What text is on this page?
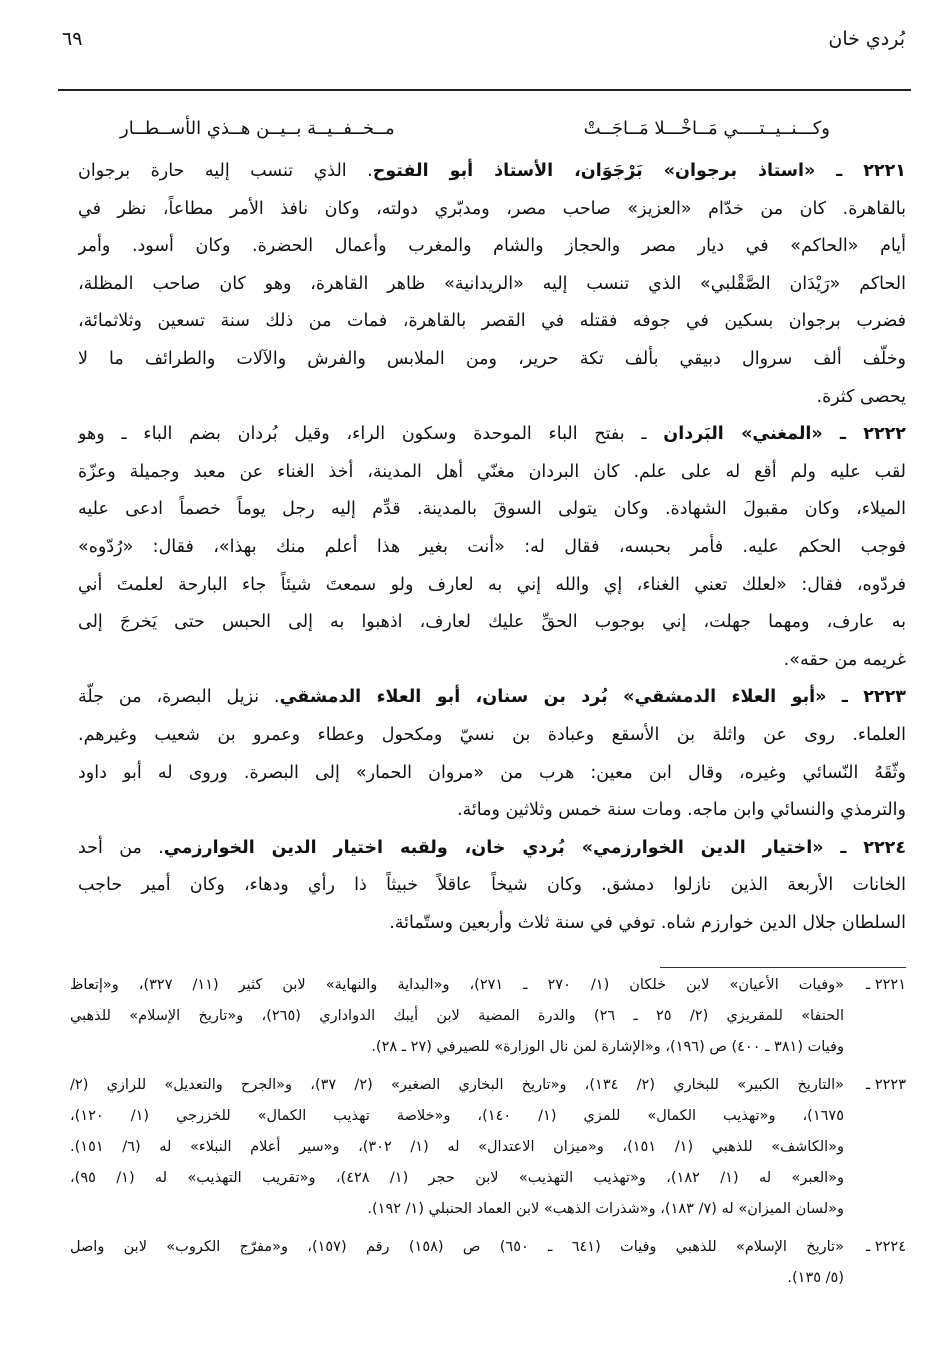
بُردي خان
٦٩
وكـــنــيــتــــي مَــاخْـــلا مَــاجَــتْ
مــخــفــيــة بــيــن هــذي الأســطــار
٢٢٢١ ـ «استاذ برجوان» بَرْجَوَان، الأستاذ أبو الفتوح. الذي تنسب إليه حارة برجوان
بالقاهرة. كان من خدّام «العزيز» صاحب مصر، ومدبّري دولته، وكان نافذ الأمر مطاعاً، نظر في
أيام «الحاكم» في ديار مصر والحجاز والشام والمغرب وأعمال الحضرة. وكان أسود. وأمر
الحاكم «رَيْدَان الصَّقْلبي» الذي تنسب إليه «الريدانية» ظاهر القاهرة، وهو كان صاحب المظلة،
فضرب برجوان بسكين في جوفه فقتله في القصر بالقاهرة، فمات من ذلك سنة تسعين وثلاثمائة،
وخلّف ألف سروال دبيقي بألف تكة حرير، ومن الملابس والفرش والآلات والطرائف ما لا
يحصى كثرة.
٢٢٢٢ ـ «المغني» البَردان ـ بفتح الباء الموحدة وسكون الراء، وقيل بُردان بضم الباء ـ وهو
لقب عليه ولم أقع له على علم. كان البردان مغنّي أهل المدينة، أخذ الغناء عن معبد وجميلة وعزّة
الميلاء، وكان مقبولَ الشهادة. وكان يتولى السوقَ بالمدينة. قدِّم إليه رجل يوماً خصماً ادعى عليه
فوجب الحكم عليه. فأمر بحبسه، فقال له: «أنت بغير هذا أعلم منك بهذا»، فقال: «رُدّوه»
فردّوه، فقال: «لعلك تعني الغناء، إي والله إني به لعارف ولو سمعتَ شيئاً جاء البارحة لعلمتَ أني
به عارف، ومهما جهلت، إني بوجوب الحقِّ عليك لعارف، اذهبوا به إلى الحبس حتى يَخرجَ إلى
غريمه من حقه».
٢٢٢٣ ـ «أبو العلاء الدمشقي» بُرد بن سنان، أبو العلاء الدمشقي. نزيل البصرة، من جلّة
العلماء. روى عن واثلة بن الأسقع وعبادة بن نسيّ ومكحول وعطاء وعمرو بن شعيب وغيرهم.
وثّقَهُ النّسائي وغيره، وقال ابن معين: هرب من «مروان الحمار» إلى البصرة. وروى له أبو داود
والترمذي والنسائي وابن ماجه. ومات سنة خمس وثلاثين ومائة.
٢٢٢٤ ـ «اختيار الدين الخوارزمي» بُردي خان، ولقبه اختيار الدين الخوارزمي. من أحد
الخانات الأربعة الذين نازلوا دمشق. وكان شيخاً عاقلاً خبيثاً ذا رأي ودهاء، وكان أمير حاجب
السلطان جلال الدين خوارزم شاه. توفي في سنة ثلاث وأربعين وستّمائة.
٢٢٢١ ـ
«وفيات الأعيان» لابن خلكان (١/ ٢٧٠ ـ ٢٧١)، و«البداية والنهاية» لابن كثير (١١/ ٣٢٧)، و«إتعاظ
الحنفا» للمقريزي (٢/ ٢٥ ـ ٢٦) والدرة المضية لابن أيبك الدواداري (٢٦٥)، و«تاريخ الإسلام» للذهبي
وفيات (٣٨١ ـ ٤٠٠) ص (١٩٦)، و«الإشارة لمن نال الوزارة» للصيرفي (٢٧ ـ ٢٨).
٢٢٢٣ ـ
«التاريخ الكبير» للبخاري (٢/ ١٣٤)، و«تاريخ البخاري الصغير» (٢/ ٣٧)، و«الجرح والتعديل» للرازي (٢/
١٦٧٥)، و«تهذيب الكمال» للمزي (١/ ١٤٠)، و«خلاصة تهذيب الكمال» للخزرجي (١/ ١٢٠)،
و«الكاشف» للذهبي (١/ ١٥١)، و«ميزان الاعتدال» له (١/ ٣٠٢)، و«سير أعلام النبلاء» له (٦/ ١٥١).
و«العبر» له (١/ ١٨٢)، و«تهذيب التهذيب» لابن حجر (١/ ٤٢٨)، و«تقريب التهذيب» له (١/ ٩٥)،
و«لسان الميزان» له (٧/ ١٨٣)، و«شذرات الذهب» لابن العماد الحنبلي (١/ ١٩٢).
٢٢٢٤ ـ
«تاريخ الإسلام» للذهبي وفيات (٦٤١ ـ ٦٥٠) ص (١٥٨) رقم (١٥٧)، و«مفرّج الكروب» لابن واصل
(٥/ ١٣٥).
